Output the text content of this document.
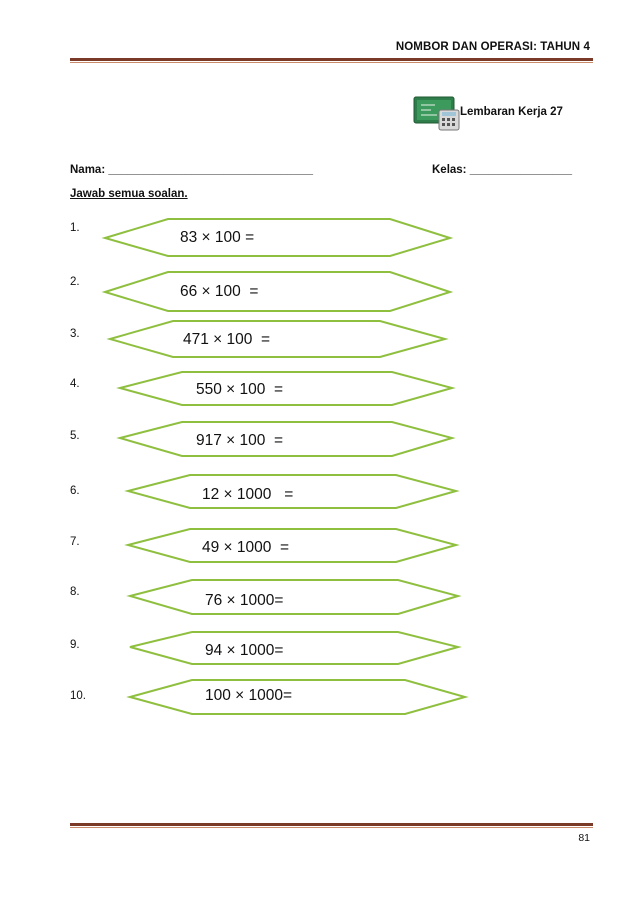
NOMBOR DAN OPERASI: TAHUN 4
Lembaran Kerja 27
Nama: ________________________________	Kelas: ________________
Jawab semua soalan.
1.
2.
3.
4.
5.
6.
7.
8.
9.
10.
83 × 100 =
66 × 100  =
471 × 100  =
550 × 100  =
917 × 100  =
12 × 1000   =
49 × 1000  =
76 × 1000=
94 × 1000=
100 × 1000=
81
